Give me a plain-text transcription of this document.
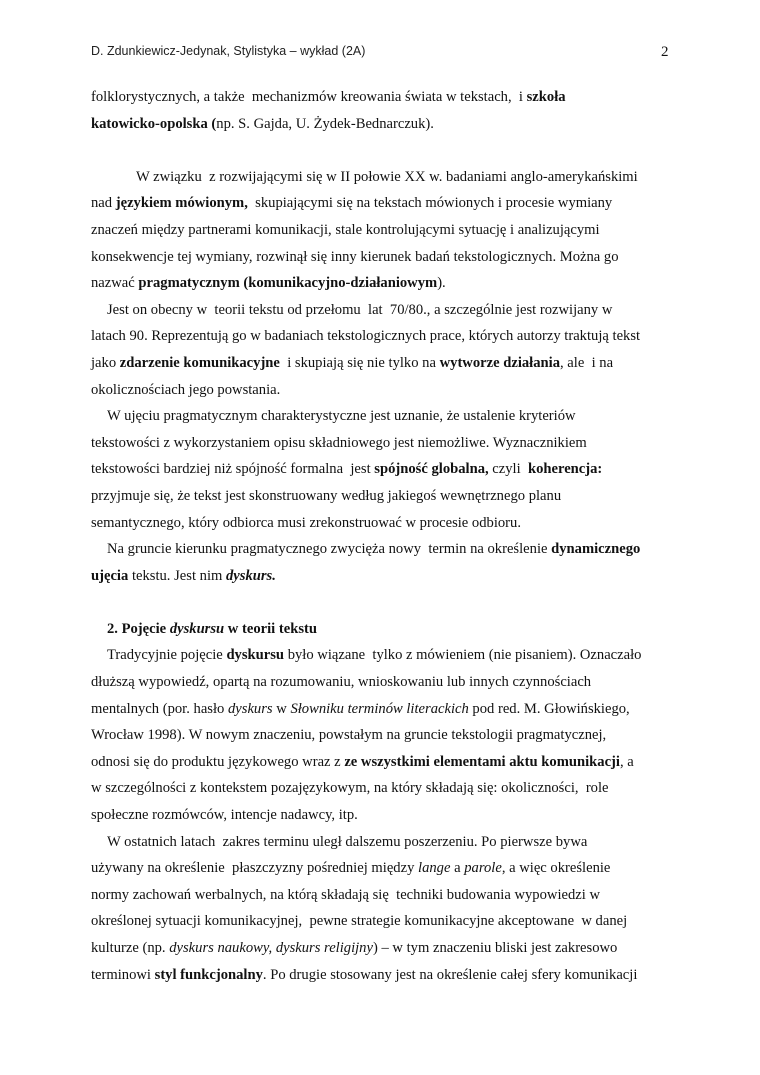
D. Zdunkiewicz-Jedynak, Stylistyka – wykład (2A)	2
folklorystycznych, a także  mechanizmów kreowania świata w tekstach,  i szkoła
katowicko-opolska (np. S. Gajda, U. Żydek-Bednarczuk).
W związku  z rozwijającymi się w II połowie XX w. badaniami anglo-amerykańskimi
nad językiem mówionym,  skupiającymi się na tekstach mówionych i procesie wymiany
znaczeń między partnerami komunikacji, stale kontrolującymi sytuację i analizującymi
konsekwencje tej wymiany, rozwinął się inny kierunek badań tekstologicznych. Można go
nazwać pragmatycznym (komunikacyjno-działaniowym).
Jest on obecny w  teorii tekstu od przełomu  lat  70/80., a szczególnie jest rozwijany w
latach 90. Reprezentują go w badaniach tekstologicznych prace, których autorzy traktują tekst
jako zdarzenie komunikacyjne  i skupiają się nie tylko na wytworze działania, ale  i na
okolicznościach jego powstania.
W ujęciu pragmatycznym charakterystyczne jest uznanie, że ustalenie kryteriów
tekstowości z wykorzystaniem opisu składniowego jest niemożliwe. Wyznacznikiem
tekstowości bardziej niż spójność formalna  jest spójność globalna, czyli  koherencja:
przyjmuje się, że tekst jest skonstruowany według jakiegoś wewnętrznego planu
semantycznego, który odbiorca musi zrekonstruować w procesie odbioru.
Na gruncie kierunku pragmatycznego zwycięża nowy  termin na określenie dynamicznego
ujęcia tekstu. Jest nim dyskurs.
2. Pojęcie dyskursu w teorii tekstu
Tradycyjnie pojęcie dyskursu było wiązane  tylko z mówieniem (nie pisaniem). Oznaczało
dłuższą wypowiedź, opartą na rozumowaniu, wnioskowaniu lub innych czynnościach
mentalnych (por. hasło dyskurs w Słowniku terminów literackich pod red. M. Głowińskiego,
Wrocław 1998). W nowym znaczeniu, powstałym na gruncie tekstologii pragmatycznej,
odnosi się do produktu językowego wraz z ze wszystkimi elementami aktu komunikacji, a
w szczególności z kontekstem pozajęzykowym, na który składają się: okoliczności,  role
społeczne rozmówców, intencje nadawcy, itp.
W ostatnich latach  zakres terminu uległ dalszemu poszerzeniu. Po pierwsze bywa
używany na określenie  płaszczyzny pośredniej między lange a parole, a więc określenie
normy zachowań werbalnych, na którą składają się  techniki budowania wypowiedzi w
określonej sytuacji komunikacyjnej,  pewne strategie komunikacyjne akceptowane  w danej
kulturze (np. dyskurs naukowy, dyskurs religijny) – w tym znaczeniu bliski jest zakresowo
terminowi styl funkcjonalny. Po drugie stosowany jest na określenie całej sfery komunikacji
